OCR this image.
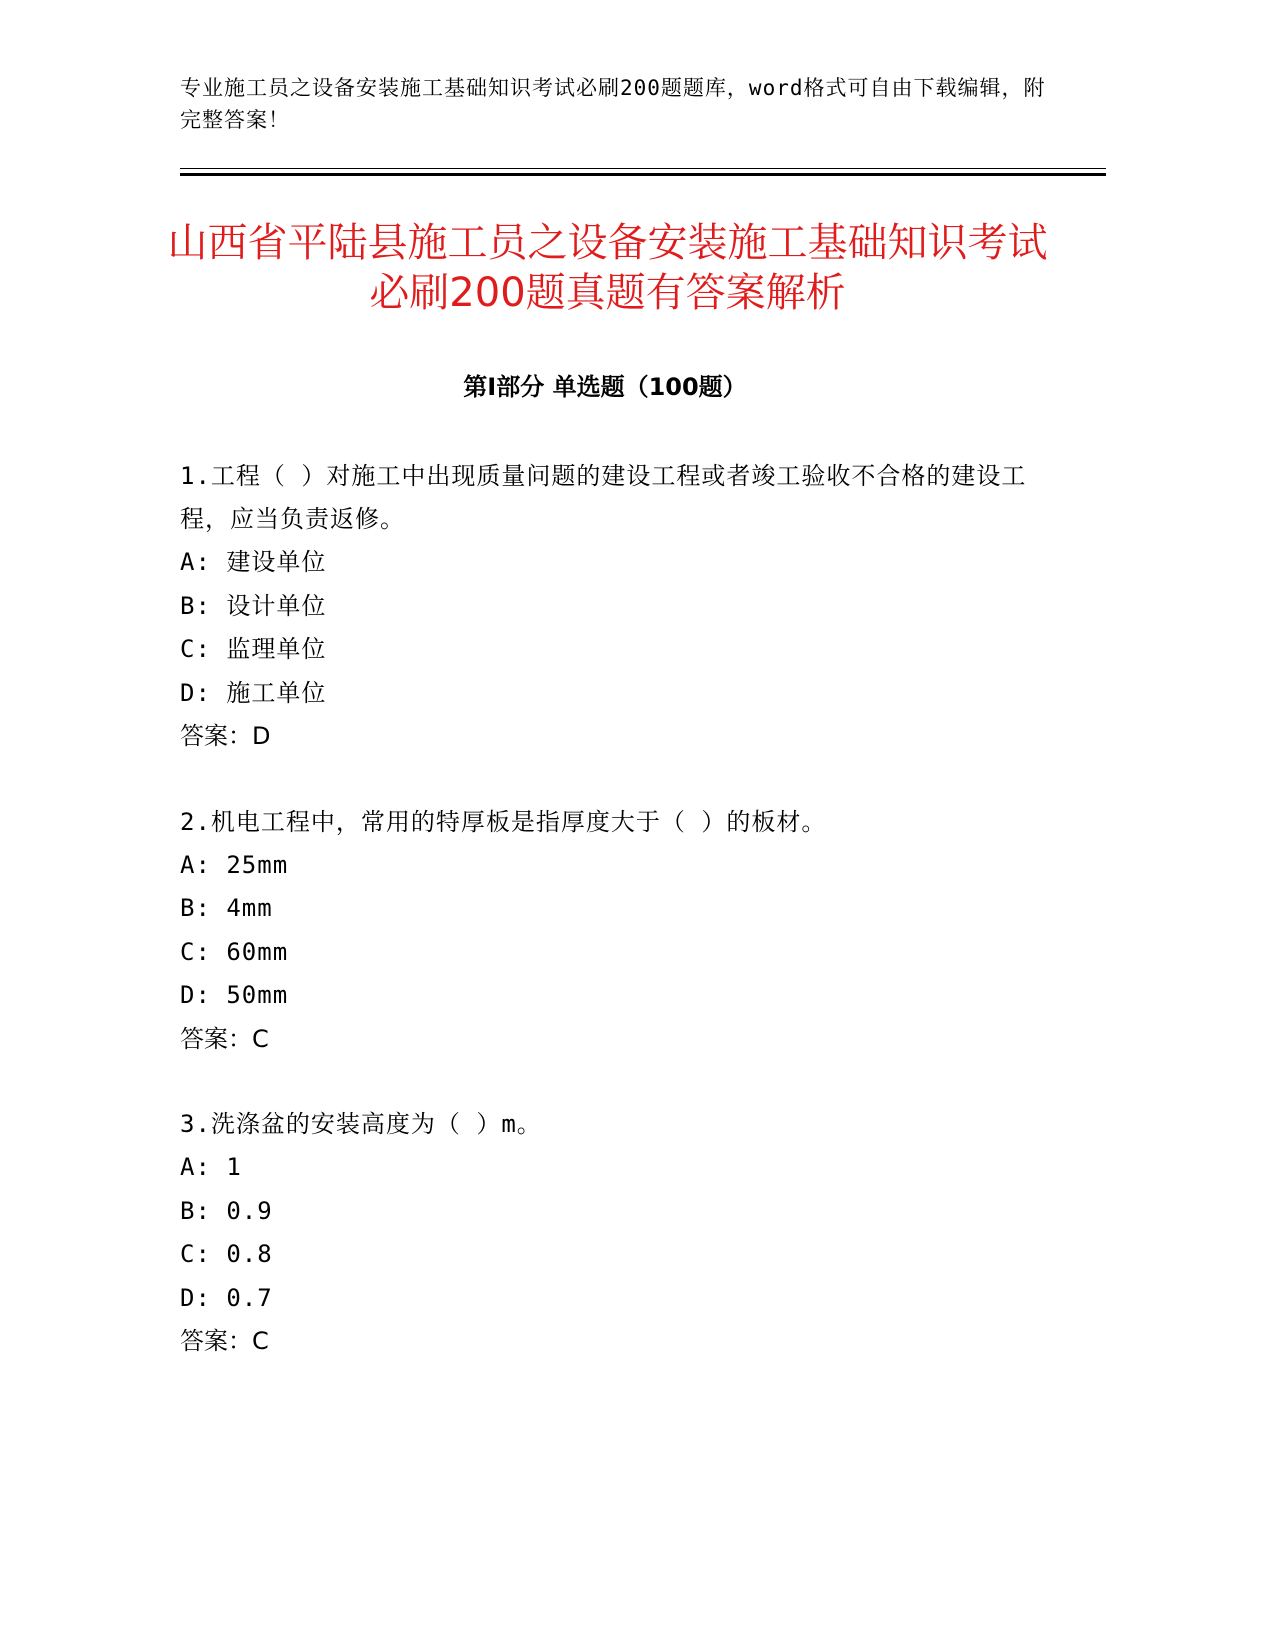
专业施工员之设备安装施工基础知识考试必刷200题题库，word格式可自由下载编辑，附完整答案！
山西省平陆县施工员之设备安装施工基础知识考试必刷200题真题有答案解析
第Ⅰ部分 单选题（100题）
1.工程（ ）对施工中出现质量问题的建设工程或者竣工验收不合格的建设工程，应当负责返修。
A: 建设单位
B: 设计单位
C: 监理单位
D: 施工单位
答案：D
2.机电工程中，常用的特厚板是指厚度大于（ ）的板材。
A: 25mm
B: 4mm
C: 60mm
D: 50mm
答案：C
3.洗涤盆的安装高度为（ ）m。
A: 1
B: 0.9
C: 0.8
D: 0.7
答案：C
